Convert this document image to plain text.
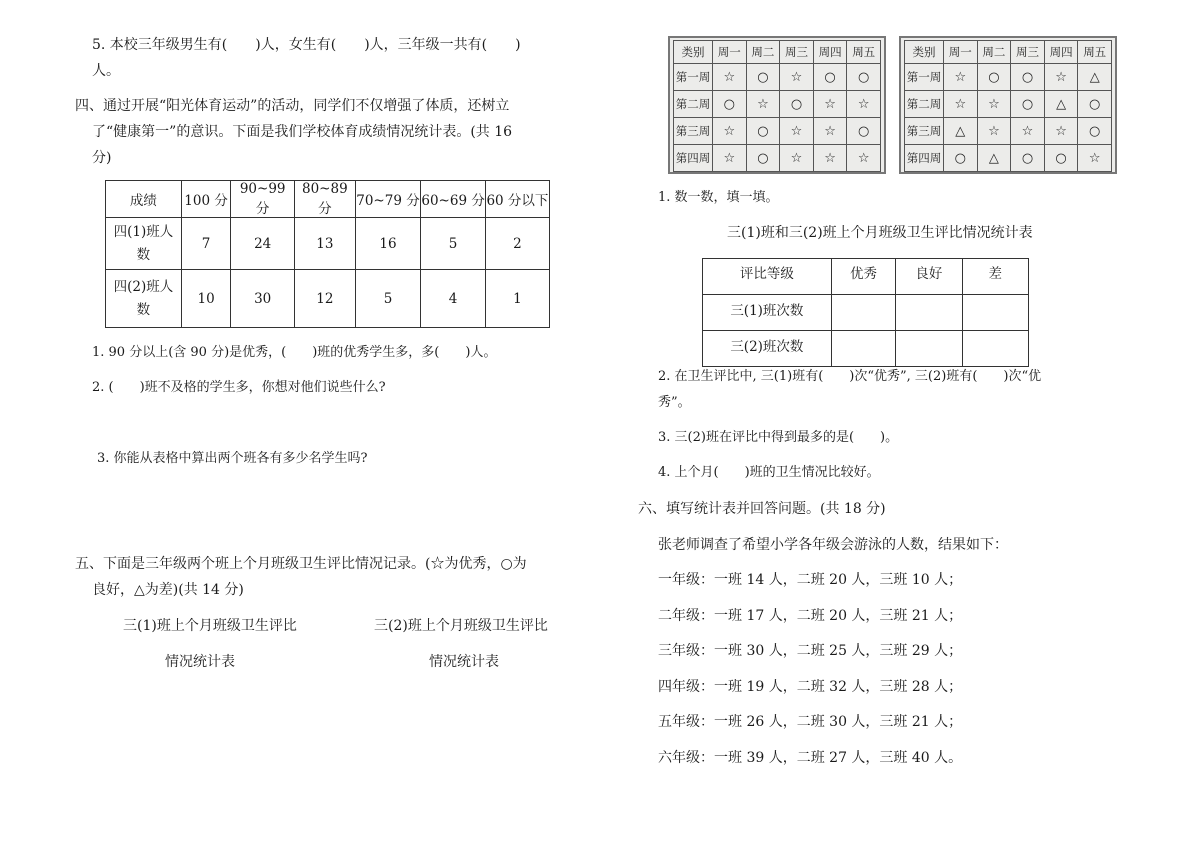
5. 本校三年级男生有(　　)人，女生有(　　)人，三年级一共有(　　)
人。
四、通过开展“阳光体育运动”的活动，同学们不仅增强了体质，还树立
了“健康第一”的意识。下面是我们学校体育成绩情况统计表。(共 16
分)
成绩	100 分	90~99 分	80~89 分	70~79 分	60~69 分	60 分以下
四(1)班人
数	7	24	13	16	5	2
四(2)班人
数	10	30	12	5	4	1
1. 90 分以上(含 90 分)是优秀，(　　)班的优秀学生多，多(　　)人。
2. (　　)班不及格的学生多，你想对他们说些什么?
3. 你能从表格中算出两个班各有多少名学生吗?
五、下面是三年级两个班上个月班级卫生评比情况记录。(☆为优秀，○为
良好，△为差)(共 14 分)
三(1)班上个月班级卫生评比
情况统计表
三(2)班上个月班级卫生评比
情况统计表
类别	周一	周二	周三	周四	周五
第一周	☆	○	☆	○	○
第二周	○	☆	○	☆	☆
第三周	☆	○	☆	☆	○
第四周	☆	○	☆	☆	☆
类别	周一	周二	周三	周四	周五
第一周	☆	○	○	☆	△
第二周	☆	☆	○	△	○
第三周	△	☆	☆	☆	○
第四周	○	△	○	○	☆
1. 数一数，填一填。
三(1)班和三(2)班上个月班级卫生评比情况统计表
评比等级	优秀	良好	差
三(1)班次数			
三(2)班次数			
2. 在卫生评比中, 三(1)班有(　　)次“优秀”, 三(2)班有(　　)次“优
秀”。
3. 三(2)班在评比中得到最多的是(　　)。
4. 上个月(　　)班的卫生情况比较好。
六、填写统计表并回答问题。(共 18 分)
张老师调查了希望小学各年级会游泳的人数，结果如下：
一年级：一班 14 人，二班 20 人，三班 10 人；
二年级：一班 17 人，二班 20 人，三班 21 人；
三年级：一班 30 人，二班 25 人，三班 29 人；
四年级：一班 19 人，二班 32 人，三班 28 人；
五年级：一班 26 人，二班 30 人，三班 21 人；
六年级：一班 39 人，二班 27 人，三班 40 人。
